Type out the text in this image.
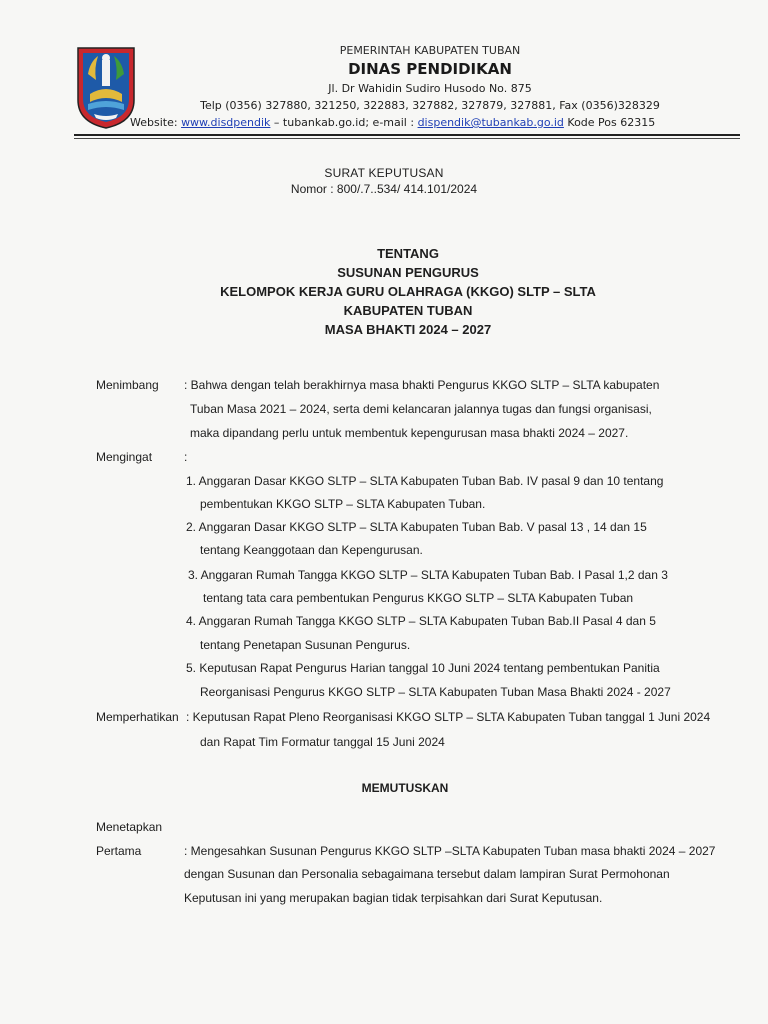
PEMERINTAH KABUPATEN TUBAN
DINAS PENDIDIKAN
Jl. Dr Wahidin Sudiro Husodo No. 875
Telp (0356) 327880, 321250, 322883, 327882, 327879, 327881, Fax (0356)328329
Website: www.disdpendik – tubankab.go.id; e-mail : dispendik@tubankab.go.id Kode Pos 62315
SURAT KEPUTUSAN
Nomor : 800/.7..534/ 414.101/2024
TENTANG
SUSUNAN PENGURUS
KELOMPOK KERJA GURU OLAHRAGA (KKGO) SLTP – SLTA
KABUPATEN TUBAN
MASA BHAKTI 2024 – 2027
Menimbang : Bahwa dengan telah berakhirnya masa bhakti Pengurus KKGO SLTP – SLTA kabupaten
Tuban Masa 2021 – 2024, serta demi kelancaran jalannya tugas dan fungsi organisasi,
maka dipandang perlu untuk membentuk kepengurusan masa bhakti 2024 – 2027.
Mengingat	:
1. Anggaran Dasar KKGO SLTP – SLTA Kabupaten Tuban Bab. IV pasal 9 dan 10 tentang
pembentukan KKGO SLTP – SLTA Kabupaten Tuban.
2. Anggaran Dasar KKGO SLTP – SLTA Kabupaten Tuban Bab. V pasal 13 , 14 dan 15
tentang Keanggotaan dan Kepengurusan.
3. Anggaran Rumah Tangga KKGO SLTP – SLTA Kabupaten Tuban Bab. I Pasal 1,2 dan 3
tentang tata cara pembentukan Pengurus KKGO SLTP – SLTA Kabupaten Tuban
4. Anggaran Rumah Tangga KKGO SLTP – SLTA Kabupaten Tuban Bab.II Pasal 4 dan 5
tentang Penetapan Susunan Pengurus.
5. Keputusan Rapat Pengurus Harian tanggal 10 Juni 2024 tentang pembentukan Panitia
Reorganisasi Pengurus KKGO SLTP – SLTA Kabupaten Tuban Masa Bhakti 2024 - 2027
Memperhatikan : Keputusan Rapat Pleno Reorganisasi KKGO SLTP – SLTA Kabupaten Tuban tanggal 1 Juni 2024
dan Rapat Tim Formatur tanggal 15 Juni 2024
MEMUTUSKAN
Menetapkan
Pertama	: Mengesahkan Susunan Pengurus KKGO SLTP –SLTA Kabupaten Tuban masa bhakti 2024 – 2027
dengan Susunan dan Personalia sebagaimana tersebut dalam lampiran Surat Permohonan
Keputusan ini yang merupakan bagian tidak terpisahkan dari Surat Keputusan.
